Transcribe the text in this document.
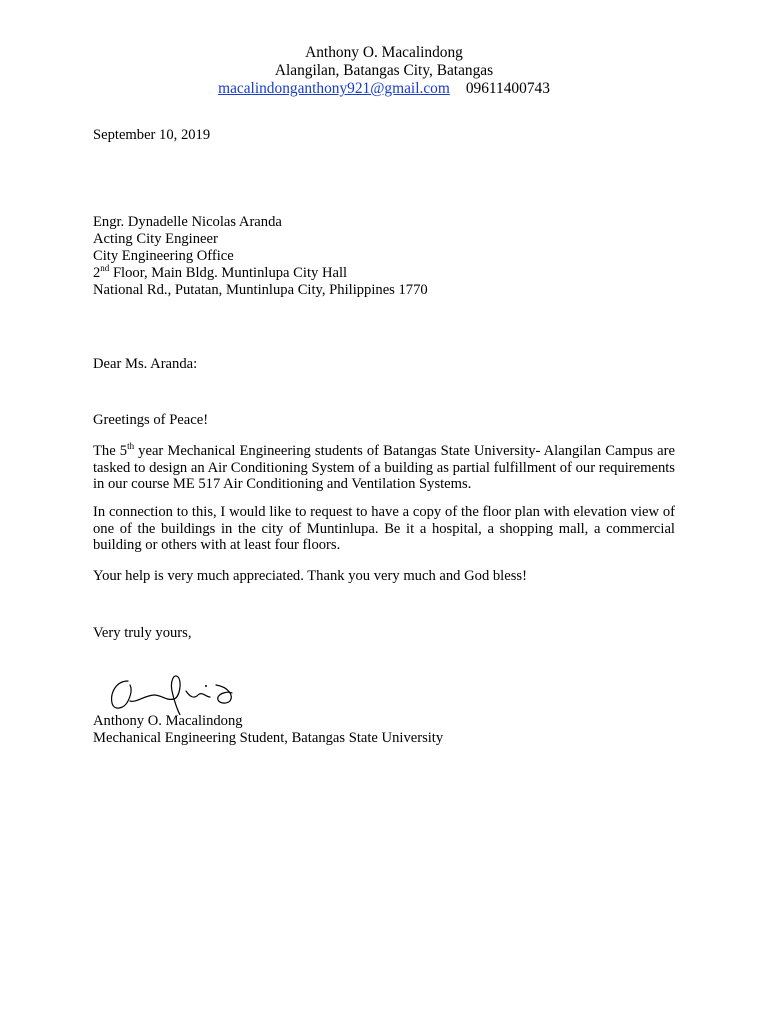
Anthony O. Macalindong
Alangilan, Batangas City, Batangas
macalindonganthony921@gmail.com 09611400743
September 10, 2019
Engr. Dynadelle Nicolas Aranda
Acting City Engineer
City Engineering Office
2nd Floor, Main Bldg. Muntinlupa City Hall
National Rd., Putatan, Muntinlupa City, Philippines 1770
Dear Ms. Aranda:
Greetings of Peace!
The 5th year Mechanical Engineering students of Batangas State University- Alangilan Campus are tasked to design an Air Conditioning System of a building as partial fulfillment of our requirements in our course ME 517 Air Conditioning and Ventilation Systems.
In connection to this, I would like to request to have a copy of the floor plan with elevation view of one of the buildings in the city of Muntinlupa. Be it a hospital, a shopping mall, a commercial building or others with at least four floors.
Your help is very much appreciated. Thank you very much and God bless!
Very truly yours,
Anthony O. Macalindong
Mechanical Engineering Student, Batangas State University
